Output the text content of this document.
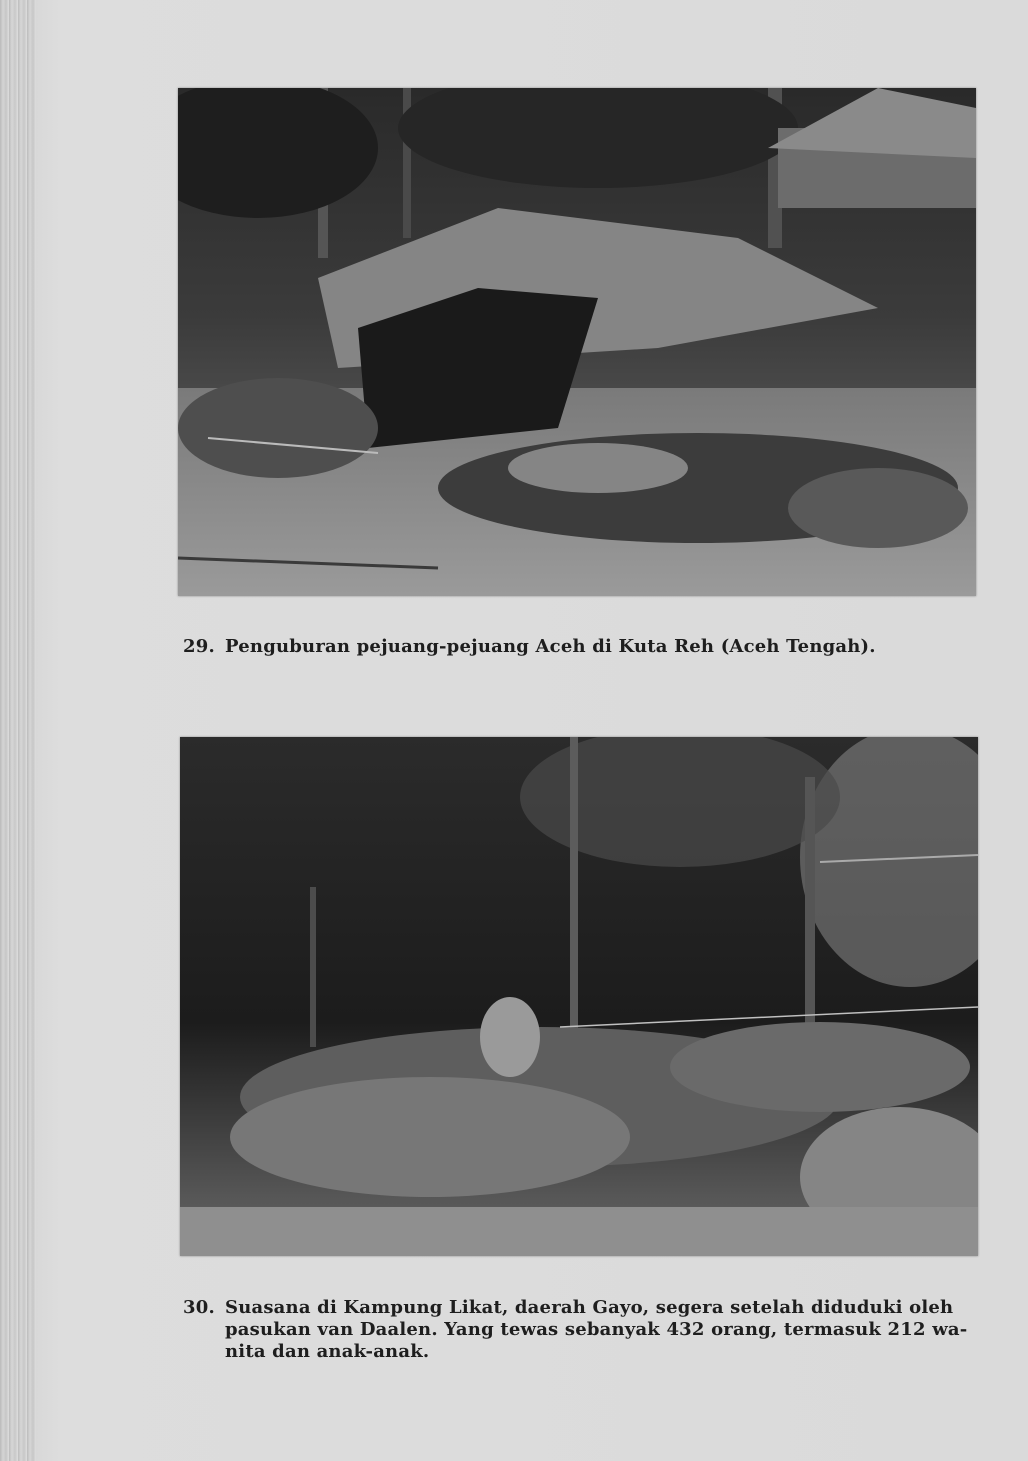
29. Penguburan pejuang-pejuang Aceh di Kuta Reh (Aceh Tengah).
30. Suasana di Kampung Likat, daerah Gayo, segera setelah diduduki oleh
pasukan van Daalen. Yang tewas sebanyak 432 orang, termasuk 212 wa-
nita dan anak-anak.
